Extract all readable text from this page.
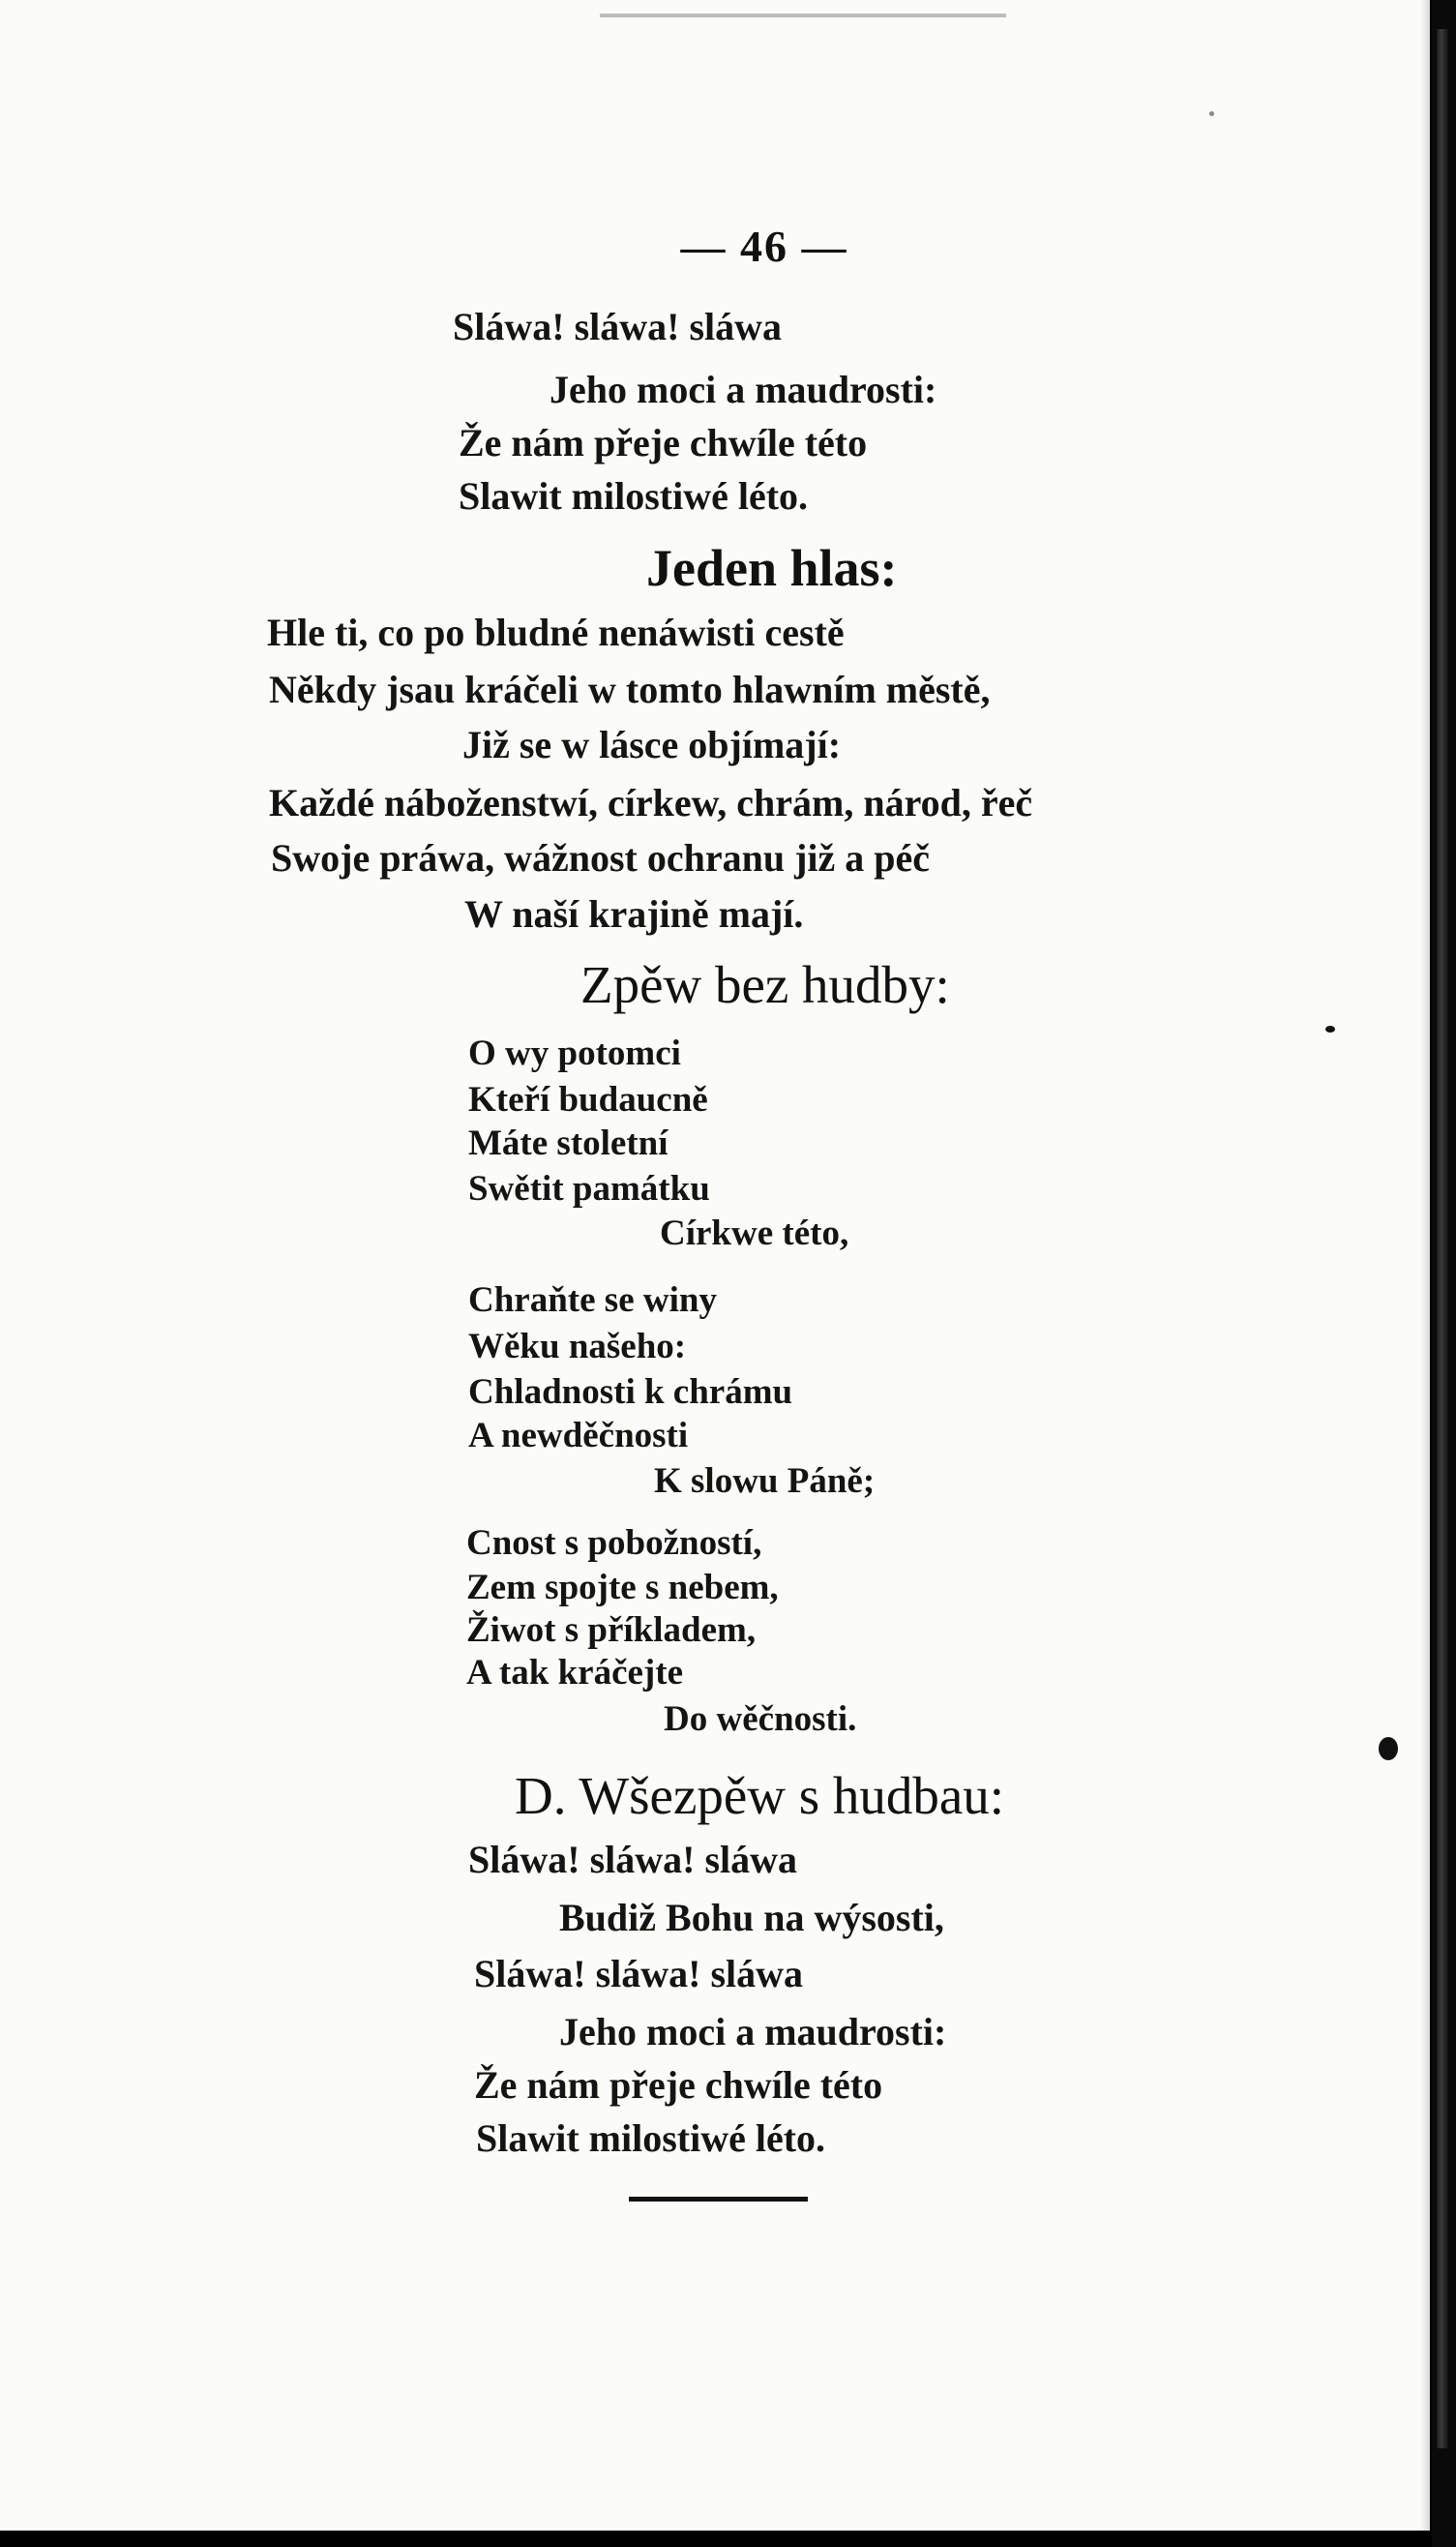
— 46 —
Sláwa! sláwa! sláwa
Jeho moci a maudrosti:
Že nám přeje chwíle této
Slawit milostiwé léto.
Jeden hlas:
Hle ti, co po bludné nenáwisti cestě
Někdy jsau kráčeli w tomto hlawním městě,
Již se w lásce objímají:
Každé náboženstwí, církew, chrám, národ, řeč
Swoje práwa, wážnost ochranu již a péč
W naší krajině mají.
Zpěw bez hudby:
O wy potomci
Kteří budaucně
Máte stoletní
Swětit památku
Církwe této,
Chraňte se winy
Wěku našeho:
Chladnosti k chrámu
A newděčnosti
K slowu Páně;
Cnost s pobožností,
Zem spojte s nebem,
Žiwot s příkladem,
A tak kráčejte
Do wěčnosti.
D. Wšezpěw s hudbau:
Sláwa! sláwa! sláwa
Budiž Bohu na wýsosti,
Sláwa! sláwa! sláwa
Jeho moci a maudrosti:
Že nám přeje chwíle této
Slawit milostiwé léto.
